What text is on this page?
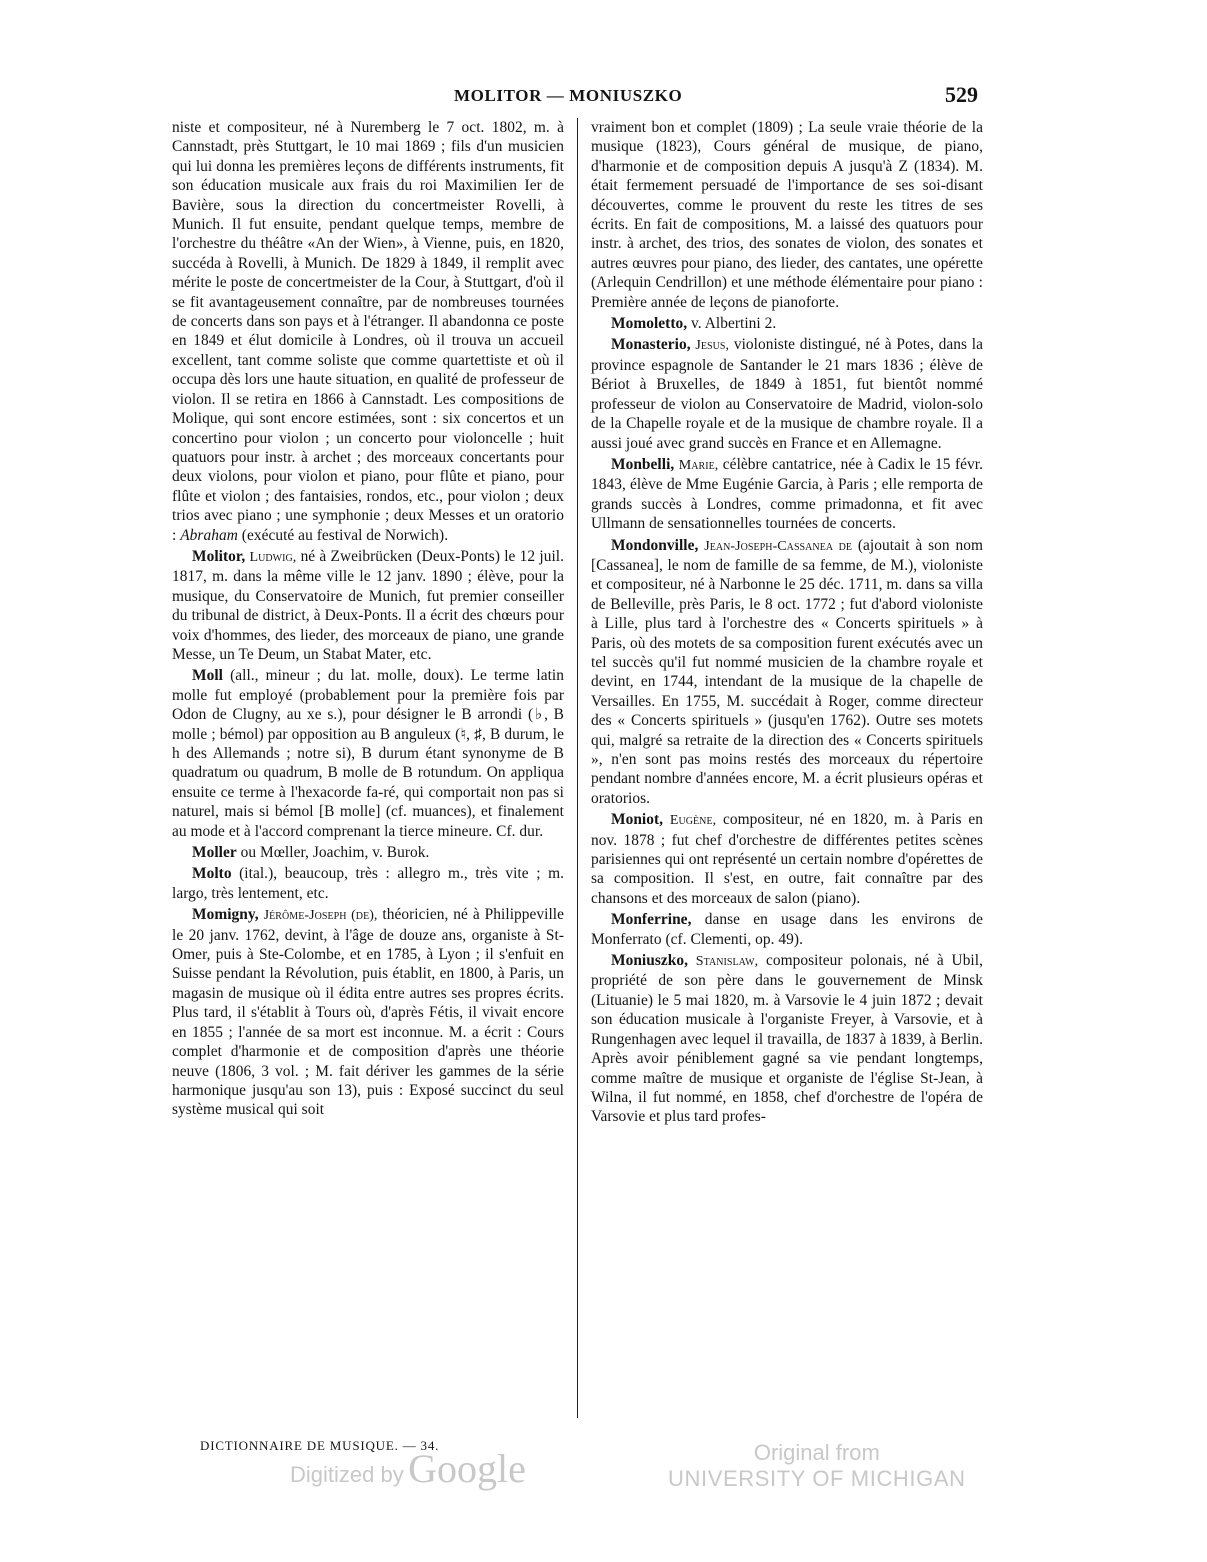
MOLITOR — MONIUSZKO	529

niste et compositeur, né à Nuremberg le 7 oct. 1802, m. à Cannstadt, près Stuttgart, le 10 mai 1869 ; fils d'un musicien qui lui donna les premières leçons de différents instruments, fit son éducation musicale aux frais du roi Maximilien Ier de Bavière, sous la direction du concertmeister Rovelli, à Munich. Il fut ensuite, pendant quelque temps, membre de l'orchestre du théâtre «An der Wien», à Vienne, puis, en 1820, succéda à Rovelli, à Munich. De 1829 à 1849, il remplit avec mérite le poste de concertmeister de la Cour, à Stuttgart, d'où il se fit avantageusement connaître, par de nombreuses tournées de concerts dans son pays et à l'étranger. Il abandonna ce poste en 1849 et élut domicile à Londres, où il trouva un accueil excellent, tant comme soliste que comme quartettiste et où il occupa dès lors une haute situation, en qualité de professeur de violon. Il se retira en 1866 à Cannstadt. Les compositions de Molique, qui sont encore estimées, sont : six concertos et un concertino pour violon ; un concerto pour violoncelle ; huit quatuors pour instr. à archet ; des morceaux concertants pour deux violons, pour violon et piano, pour flûte et piano, pour flûte et violon ; des fantaisies, rondos, etc., pour violon ; deux trios avec piano ; une symphonie ; deux Messes et un oratorio : Abraham (exécuté au festival de Norwich).

Molitor, Ludwig, né à Zweibrücken (Deux-Ponts) le 12 juil. 1817, m. dans la même ville le 12 janv. 1890 ; élève, pour la musique, du Conservatoire de Munich, fut premier conseiller du tribunal de district, à Deux-Ponts. Il a écrit des chœurs pour voix d'hommes, des lieder, des morceaux de piano, une grande Messe, un Te Deum, un Stabat Mater, etc.

Moll (all., mineur ; du lat. molle, doux). Le terme latin molle fut employé (probablement pour la première fois par Odon de Clugny, au xe s.), pour désigner le B arrondi (♭, B molle ; bémol) par opposition au B anguleux (♮, ♯, B durum, le h des Allemands ; notre si), B durum étant synonyme de B quadratum ou quadrum, B molle de B rotundum. On appliqua ensuite ce terme à l'hexacorde fa-ré, qui comportait non pas si naturel, mais si bémol [B molle] (cf. muances), et finalement au mode et à l'accord comprenant la tierce mineure. Cf. dur.

Moller ou Mœller, Joachim, v. Burok.

Molto (ital.), beaucoup, très : allegro m., très vite ; m. largo, très lentement, etc.

Momigny, Jérôme-Joseph (de), théoricien, né à Philippeville le 20 janv. 1762, devint, à l'âge de douze ans, organiste à St-Omer, puis à Ste-Colombe, et en 1785, à Lyon ; il s'enfuit en Suisse pendant la Révolution, puis établit, en 1800, à Paris, un magasin de musique où il édita entre autres ses propres écrits. Plus tard, il s'établit à Tours où, d'après Fétis, il vivait encore en 1855 ; l'année de sa mort est inconnue. M. a écrit : Cours complet d'harmonie et de composition d'après une théorie neuve (1806, 3 vol. ; M. fait dériver les gammes de la série harmonique jusqu'au son 13), puis : Exposé succinct du seul système musical qui soit

vraiment bon et complet (1809) ; La seule vraie théorie de la musique (1823), Cours général de musique, de piano, d'harmonie et de composition depuis A jusqu'à Z (1834). M. était fermement persuadé de l'importance de ses soi-disant découvertes, comme le prouvent du reste les titres de ses écrits. En fait de compositions, M. a laissé des quatuors pour instr. à archet, des trios, des sonates de violon, des sonates et autres œuvres pour piano, des lieder, des cantates, une opérette (Arlequin Cendrillon) et une méthode élémentaire pour piano : Première année de leçons de pianoforte.

Momoletto, v. Albertini 2.

Monasterio, Jesus, violoniste distingué, né à Potes, dans la province espagnole de Santander le 21 mars 1836 ; élève de Bériot à Bruxelles, de 1849 à 1851, fut bientôt nommé professeur de violon au Conservatoire de Madrid, violon-solo de la Chapelle royale et de la musique de chambre royale. Il a aussi joué avec grand succès en France et en Allemagne.

Monbelli, Marie, célèbre cantatrice, née à Cadix le 15 févr. 1843, élève de Mme Eugénie Garcia, à Paris ; elle remporta de grands succès à Londres, comme primadonna, et fit avec Ullmann de sensationnelles tournées de concerts.

Mondonville, Jean-Joseph-Cassanea de (ajoutait à son nom [Cassanea], le nom de famille de sa femme, de M.), violoniste et compositeur, né à Narbonne le 25 déc. 1711, m. dans sa villa de Belleville, près Paris, le 8 oct. 1772 ; fut d'abord violoniste à Lille, plus tard à l'orchestre des « Concerts spirituels » à Paris, où des motets de sa composition furent exécutés avec un tel succès qu'il fut nommé musicien de la chambre royale et devint, en 1744, intendant de la musique de la chapelle de Versailles. En 1755, M. succédait à Roger, comme directeur des « Concerts spirituels » (jusqu'en 1762). Outre ses motets qui, malgré sa retraite de la direction des « Concerts spirituels », n'en sont pas moins restés des morceaux du répertoire pendant nombre d'années encore, M. a écrit plusieurs opéras et oratorios.

Moniot, Eugène, compositeur, né en 1820, m. à Paris en nov. 1878 ; fut chef d'orchestre de différentes petites scènes parisiennes qui ont représenté un certain nombre d'opérettes de sa composition. Il s'est, en outre, fait connaître par des chansons et des morceaux de salon (piano).

Monferrine, danse en usage dans les environs de Monferrato (cf. Clementi, op. 49).

Moniuszko, Stanislaw, compositeur polonais, né à Ubil, propriété de son père dans le gouvernement de Minsk (Lituanie) le 5 mai 1820, m. à Varsovie le 4 juin 1872 ; devait son éducation musicale à l'organiste Freyer, à Varsovie, et à Rungenhagen avec lequel il travailla, de 1837 à 1839, à Berlin. Après avoir péniblement gagné sa vie pendant longtemps, comme maître de musique et organiste de l'église St-Jean, à Wilna, il fut nommé, en 1858, chef d'orchestre de l'opéra de Varsovie et plus tard profes-

DICTIONNAIRE DE MUSIQUE. — 34.
Digitized by Google	Original from
UNIVERSITY OF MICHIGAN
